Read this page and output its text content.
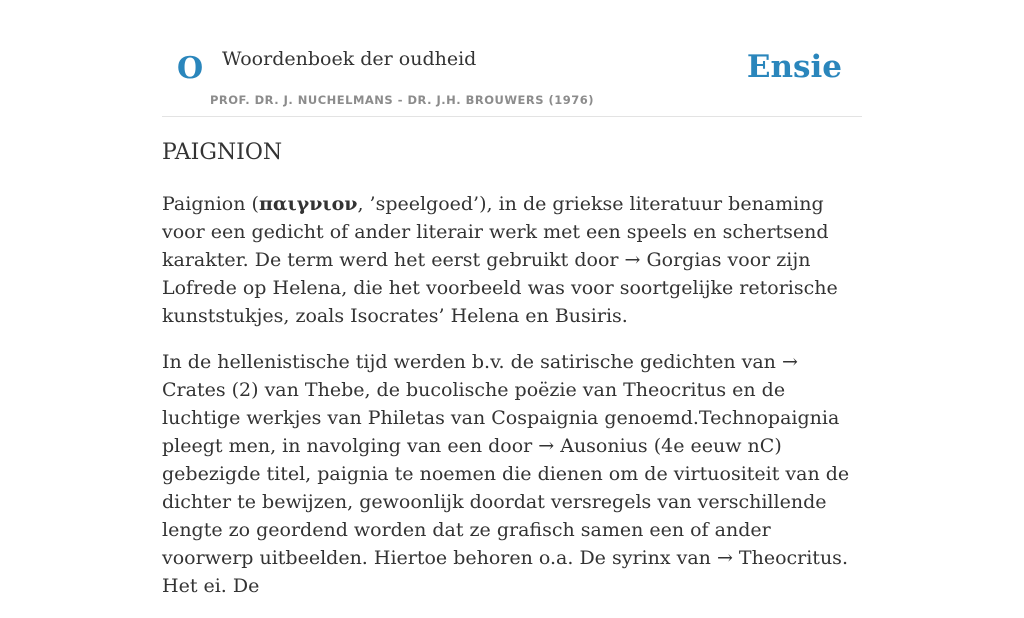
O Woordenboek der oudheid
PROF. DR. J. NUCHELMANS - DR. J.H. BROUWERS (1976)
Ensie
PAIGNION

Paignion (παιγνιον, ’speelgoed’), in de griekse literatuur benaming voor een gedicht of ander literair werk met een speels en schertsend karakter. De term werd het eerst gebruikt door → Gorgias voor zijn Lofrede op Helena, die het voorbeeld was voor soortgelijke retorische kunststukjes, zoals Isocrates’ Helena en Busiris.

In de hellenistische tijd werden b.v. de satirische gedichten van → Crates (2) van Thebe, de bucolische poëzie van Theocritus en de luchtige werkjes van Philetas van Cospaignia genoemd.Technopaignia pleegt men, in navolging van een door → Ausonius (4e eeuw nC) gebezigde titel, paignia te noemen die dienen om de virtuositeit van de dichter te bewijzen, gewoonlijk doordat versregels van verschillende lengte zo geordend worden dat ze grafisch samen een of ander voorwerp uitbeelden. Hiertoe behoren o.a. De syrinx van → Theocritus. Het ei. De
